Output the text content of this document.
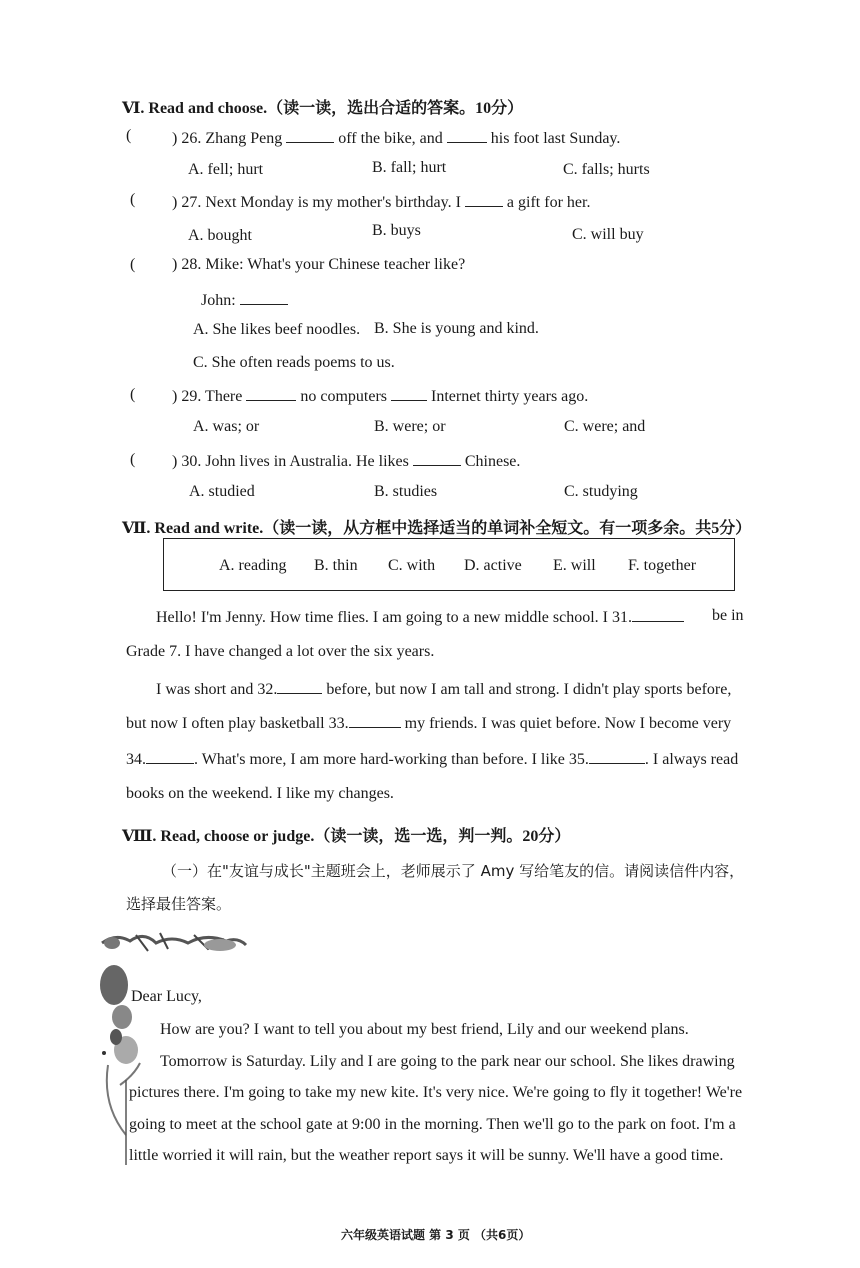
Ⅵ. Read and choose.（读一读，选出合适的答案。10分）
(	) 26. Zhang Peng	off the bike, and	his foot last Sunday.
A. fell; hurt	B. fall; hurt	C. falls; hurts
( ) 27. Next Monday is my mother's birthday. I	a gift for her.
A. bought	B. buys	C. will buy
( ) 28. Mike: What's your Chinese teacher like?
John:
A. She likes beef noodles. B. She is young and kind.
C. She often reads poems to us.
( ) 29. There	no computers	Internet thirty years ago.
A. was; or	B. were; or	C. were; and
( ) 30. John lives in Australia. He likes	Chinese.
A. studied	B. studies	C. studying
Ⅶ. Read and write.（读一读，从方框中选择适当的单词补全短文。有一项多余。共5分）
A. reading B. thin C. with D. active E. will F. together
Hello! I'm Jenny. How time flies. I am going to a new middle school. I 31.	be in
Grade 7. I have changed a lot over the six years.
I was short and 32.	before, but now I am tall and strong. I didn't play sports before,
but now I often play basketball 33.	my friends. I was quiet before. Now I become very
34.	. What's more, I am more hard-working than before. I like 35.	. I always read
books on the weekend. I like my changes.
Ⅷ. Read, choose or judge.（读一读，选一选，判一判。20分）
（一）在"友谊与成长"主题班会上，老师展示了 Amy 写给笔友的信。请阅读信件内容，
选择最佳答案。
Dear Lucy,
How are you? I want to tell you about my best friend, Lily and our weekend plans.
Tomorrow is Saturday. Lily and I are going to the park near our school. She likes drawing
pictures there. I'm going to take my new kite. It's very nice. We're going to fly it together! We're
going to meet at the school gate at 9:00 in the morning. Then we'll go to the park on foot. I'm a
little worried it will rain, but the weather report says it will be sunny. We'll have a good time.
六年级英语试题 第 3 页 （共6页）
